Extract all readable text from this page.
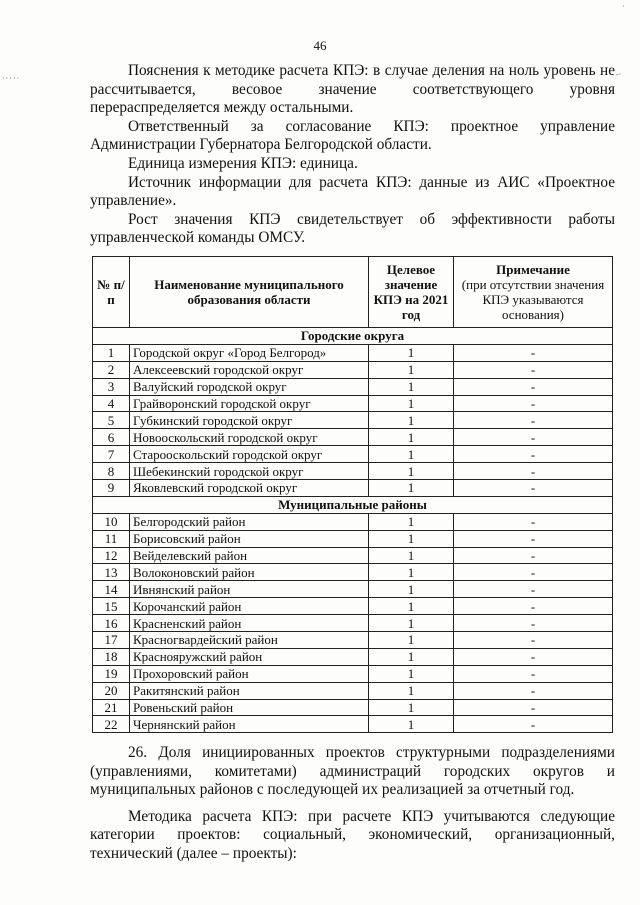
·····	-·
·
46

Пояснения к методике расчета КПЭ: в случае деления на ноль уровень не рассчитывается, весовое значение соответствующего уровня перераспределяется между остальными.

Ответственный за согласование КПЭ: проектное управление Администрации Губернатора Белгородской области.

Единица измерения КПЭ: единица.

Источник информации для расчета КПЭ: данные из АИС «Проектное управление».

Рост значения КПЭ свидетельствует об эффективности работы управленческой команды ОМСУ.

№ п/п	Наименование муниципального образования области	Целевое значение КПЭ на 2021 год	Примечание
(при отсутствии значения КПЭ указываются основания)
Городские округа			
1	Городской округ «Город Белгород»	1	-
2	Алексеевский городской округ	1	-
3	Валуйский городской округ	1	-
4	Грайворонский городской округ	1	-
5	Губкинский городской округ	1	-
6	Новооскольский городской округ	1	-
7	Старооскольский городской округ	1	-
8	Шебекинский городской округ	1	-
9	Яковлевский городской округ	1	-
Муниципальные районы			
10	Белгородский район	1	-
11	Борисовский район	1	-
12	Вейделевский район	1	-
13	Волоконовский район	1	-
14	Ивнянский район	1	-
15	Корочанский район	1	-
16	Красненский район	1	-
17	Красногвардейский район	1	-
18	Краснояружский район	1	-
19	Прохоровский район	1	-
20	Ракитянский район	1	-
21	Ровеньский район	1	-
22	Чернянский район	1	-

26. Доля инициированных проектов структурными подразделениями (управлениями, комитетами) администраций городских округов и муниципальных районов с последующей их реализацией за отчетный год.

Методика расчета КПЭ: при расчете КПЭ учитываются следующие категории проектов: социальный, экономический, организационный, технический (далее – проекты):
